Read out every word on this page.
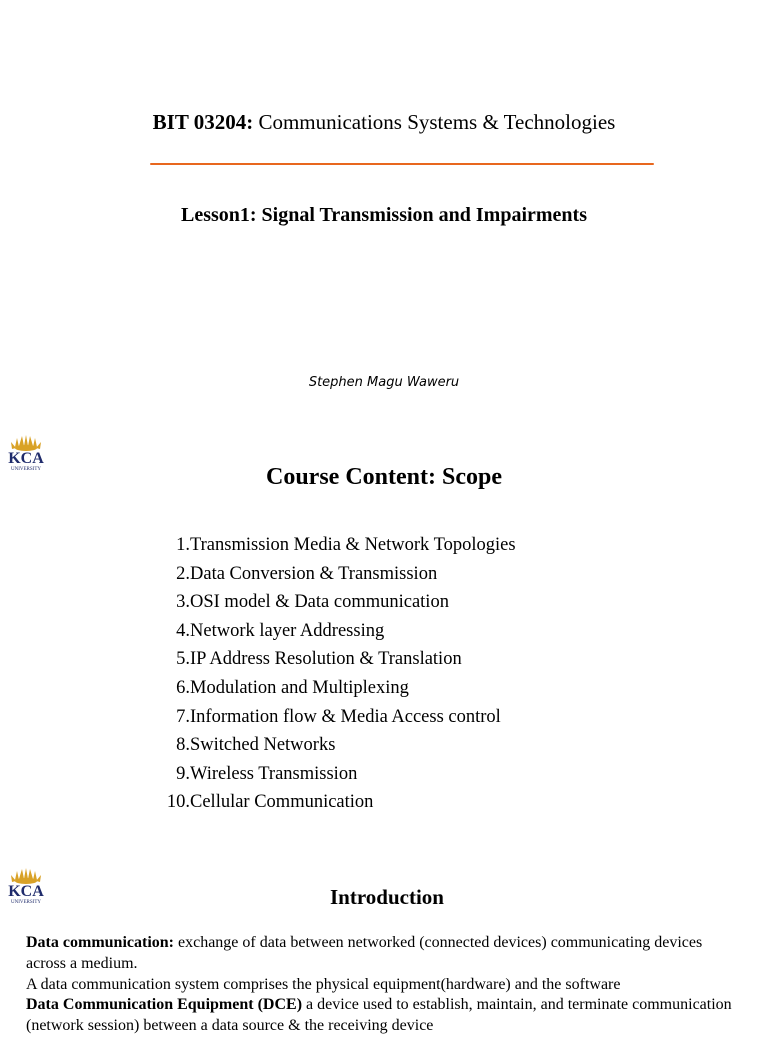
BIT 03204: Communications Systems & Technologies
Lesson1: Signal Transmission and Impairments
Stephen Magu Waweru
KCA
UNIVERSITY	Course Content: Scope
1.Transmission Media & Network Topologies
2.Data Conversion & Transmission
3.OSI model & Data communication
4.Network layer Addressing
5.IP Address Resolution & Translation
6.Modulation and Multiplexing
7.Information flow & Media Access control
8.Switched Networks
9.Wireless Transmission
10.Cellular Communication
KCA
UNIVERSITY	Introduction

Data communication: exchange of data between networked (connected devices) communicating devices across a medium.

A data communication system comprises the physical equipment(hardware) and the software

Data Communication Equipment (DCE) a device used to establish, maintain, and terminate communication (network session) between a data source & the receiving device
